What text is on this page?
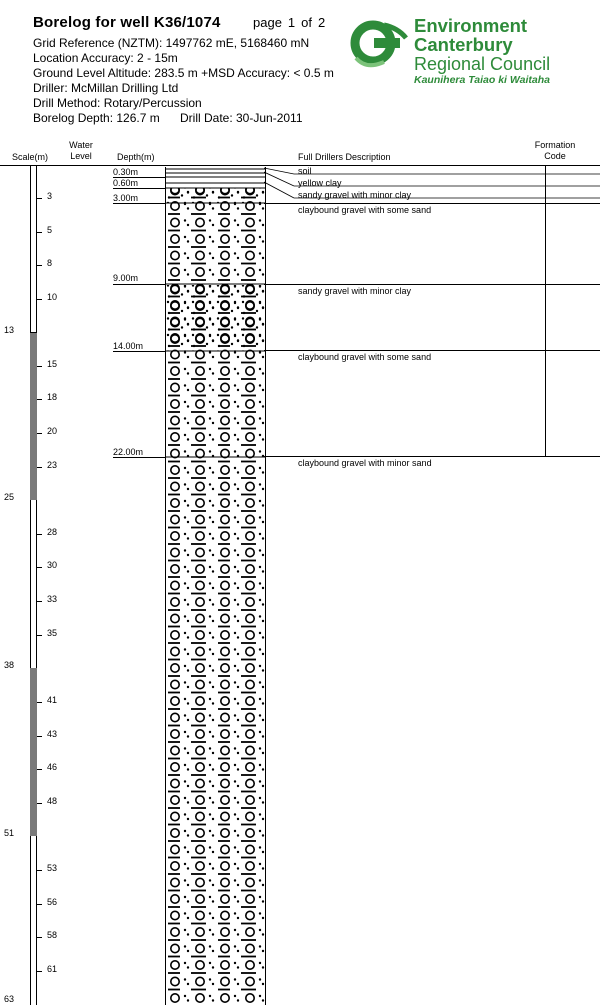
Borelog for well K36/1074 page 1 of 2
Grid Reference (NZTM): 1497762 mE, 5168460 mN
Location Accuracy: 2 - 15m
Ground Level Altitude: 283.5 m +MSD Accuracy: < 0.5 m
Driller: McMillan Drilling Ltd
Drill Method: Rotary/Percussion
Borelog Depth: 126.7 m Drill Date: 30-Jun-2011
Environment
Canterbury
Regional Council
Kaunihera Taiao ki Waitaha
Scale(m)
Water
Level	Depth(m)	Full Drillers Description
Formation
Code
13
25
38
51
63
3
5
8
10
15
18
20
23
28
30
33
35
41
43
46
48
53
56
58
61
0.30m
0.60m
3.00m
9.00m
14.00m
22.00m
soil
yellow clay
sandy gravel with minor clay
claybound gravel with some sand
sandy gravel with minor clay
claybound gravel with some sand
claybound gravel with minor sand
